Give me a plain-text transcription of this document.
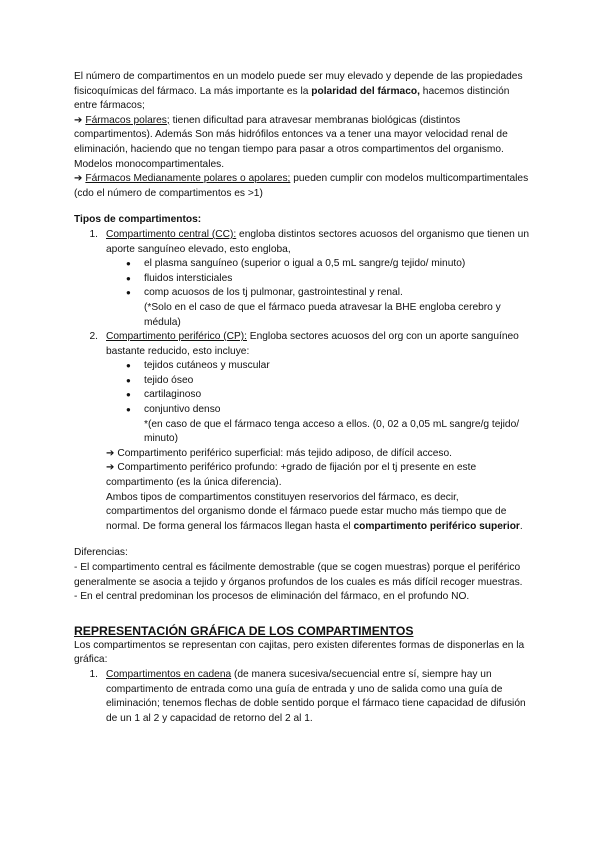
El número de compartimentos en un modelo puede ser muy elevado y depende de las propiedades fisicoquímicas del fármaco. La más importante es la polaridad del fármaco, hacemos distinción entre fármacos;

➔ Fármacos polares; tienen dificultad para atravesar membranas biológicas (distintos compartimentos). Además Son más hidrófilos entonces va a tener una mayor velocidad renal de eliminación, haciendo que no tengan tiempo para pasar a otros compartimentos del organismo. Modelos monocompartimentales.

➔ Fármacos Medianamente polares o apolares; pueden cumplir con modelos multicompartimentales (cdo el número de compartimentos es >1)

Tipos de compartimentos:

1. Compartimento central (CC): engloba distintos sectores acuosos del organismo que tienen un aporte sanguíneo elevado, esto engloba,
●	el plasma sanguíneo (superior o igual a 0,5 mL sangre/g tejido/ minuto)
●	fluidos intersticiales
●	comp acuosos de los tj pulmonar, gastrointestinal y renal.

(*Solo en el caso de que el fármaco pueda atravesar la BHE engloba cerebro y médula)

2. Compartimento periférico (CP): Engloba sectores acuosos del org con un aporte sanguíneo bastante reducido, esto incluye:
●	tejidos cutáneos y muscular
●	tejido óseo
●	cartilaginoso
●	conjuntivo denso

*(en caso de que el fármaco tenga acceso a ellos. (0, 02 a 0,05 mL sangre/g tejido/ minuto)

➔ Compartimento periférico superficial: más tejido adiposo, de difícil acceso.

➔ Compartimento periférico profundo: +grado de fijación por el tj presente en este compartimento (es la única diferencia).

Ambos tipos de compartimentos constituyen reservorios del fármaco, es decir, compartimentos del organismo donde el fármaco puede estar mucho más tiempo que de normal. De forma general los fármacos llegan hasta el compartimento periférico superior.

Diferencias:

- El compartimento central es fácilmente demostrable (que se cogen muestras) porque el periférico generalmente se asocia a tejido y órganos profundos de los cuales es más difícil recoger muestras.

- En el central predominan los procesos de eliminación del fármaco, en el profundo NO.

REPRESENTACIÓN GRÁFICA DE LOS COMPARTIMENTOS

Los compartimentos se representan con cajitas, pero existen diferentes formas de disponerlas en la gráfica:

1. Compartimentos en cadena (de manera sucesiva/secuencial entre sí, siempre hay un compartimento de entrada como una guía de entrada y uno de salida como una guía de eliminación; tenemos flechas de doble sentido porque el fármaco tiene capacidad de difusión de un 1 al 2 y capacidad de retorno del 2 al 1.
